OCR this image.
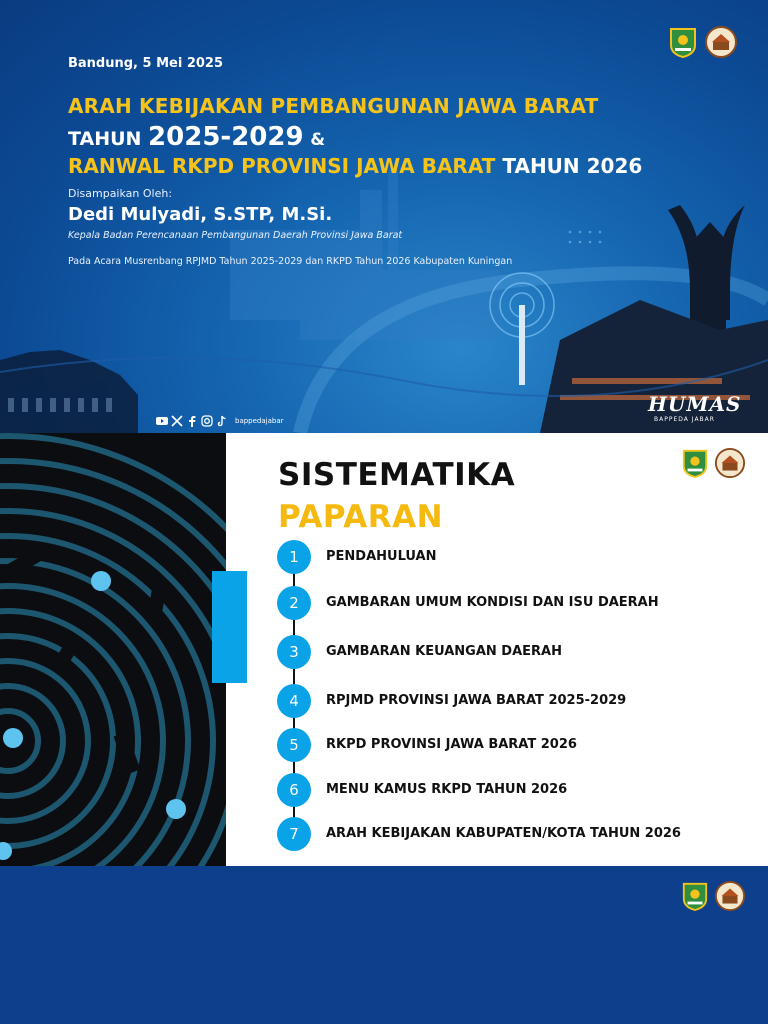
Bandung, 5 Mei 2025
ARAH KEBIJAKAN PEMBANGUNAN JAWA BARAT
TAHUN 2025-2029 &
RANWAL RKPD PROVINSI JAWA BARAT TAHUN 2026
Disampaikan Oleh:
Dedi Mulyadi, S.STP, M.Si.
Kepala Badan Perencanaan Pembangunan Daerah Provinsi Jawa Barat
Pada Acara Musrenbang RPJMD Tahun 2025-2029 dan RKPD Tahun 2026 Kabupaten Kuningan
bappedajabar
HUMAS
BAPPEDA JABAR
SISTEMATIKA
PAPARAN
1	PENDAHULUAN
2	GAMBARAN UMUM KONDISI DAN ISU DAERAH
3	GAMBARAN KEUANGAN DAERAH
4	RPJMD PROVINSI JAWA BARAT 2025-2029
5	RKPD PROVINSI JAWA BARAT 2026
6	MENU KAMUS RKPD TAHUN 2026
7	ARAH KEBIJAKAN KABUPATEN/KOTA TAHUN 2026
